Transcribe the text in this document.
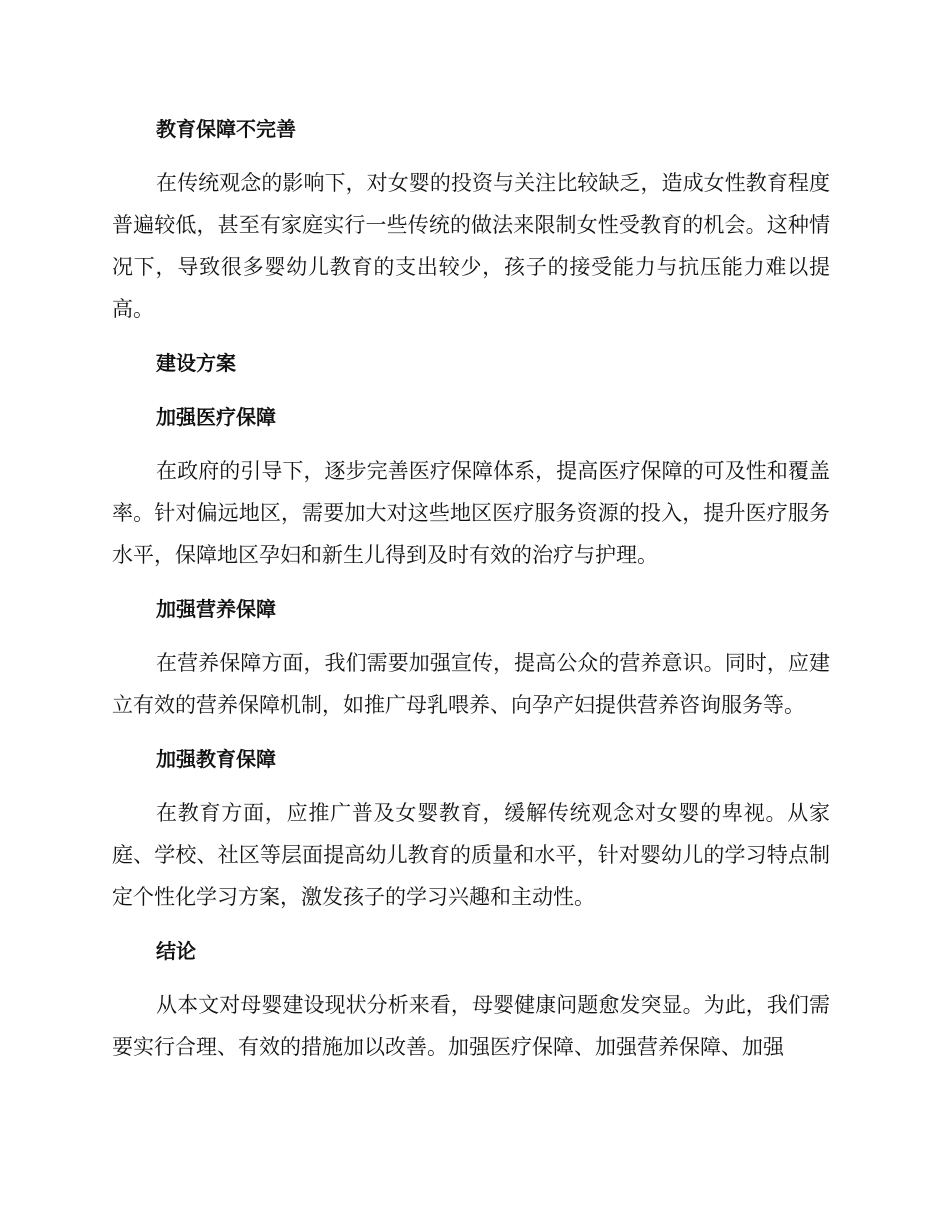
教育保障不完善

在传统观念的影响下，对女婴的投资与关注比较缺乏，造成女性教育程度普遍较低，甚至有家庭实行一些传统的做法来限制女性受教育的机会。这种情况下，导致很多婴幼儿教育的支出较少，孩子的接受能力与抗压能力难以提高。

建设方案
加强医疗保障

在政府的引导下，逐步完善医疗保障体系，提高医疗保障的可及性和覆盖率。针对偏远地区，需要加大对这些地区医疗服务资源的投入，提升医疗服务水平，保障地区孕妇和新生儿得到及时有效的治疗与护理。

加强营养保障

在营养保障方面，我们需要加强宣传，提高公众的营养意识。同时，应建立有效的营养保障机制，如推广母乳喂养、向孕产妇提供营养咨询服务等。

加强教育保障

在教育方面，应推广普及女婴教育，缓解传统观念对女婴的卑视。从家庭、学校、社区等层面提高幼儿教育的质量和水平，针对婴幼儿的学习特点制定个性化学习方案，激发孩子的学习兴趣和主动性。

结论

从本文对母婴建设现状分析来看，母婴健康问题愈发突显。为此，我们需要实行合理、有效的措施加以改善。加强医疗保障、加强营养保障、加强
